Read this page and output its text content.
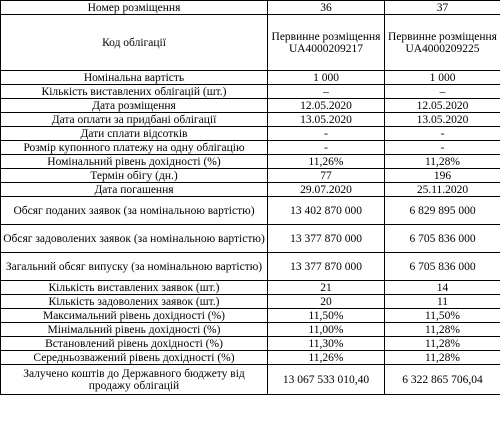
Номер розміщення	36	37
Код облігації	Первинне розміщення UA4000209217	Первинне розміщення UA4000209225
Номінальна вартість	1 000	1 000
Кількість виставлених облігацій (шт.)	–	–
Дата розміщення	12.05.2020	12.05.2020
Дата оплати за придбані облігації	13.05.2020	13.05.2020
Дати сплати відсотків	-	-
Розмір купонного платежу на одну облігацію	-	-
Номінальний рівень дохідності (%)	11,26%	11,28%
Термін обігу (дн.)	77	196
Дата погашення	29.07.2020	25.11.2020
Обсяг поданих заявок (за номінальною вартістю)	13 402 870 000	6 829 895 000
Обсяг задоволених заявок (за номінальною вартістю)	13 377 870 000	6 705 836 000
Загальний обсяг випуску (за номінальною вартістю)	13 377 870 000	6 705 836 000
Кількість виставлених заявок (шт.)	21	14
Кількість задоволених заявок (шт.)	20	11
Максимальний рівень дохідності (%)	11,50%	11,50%
Мінімальний рівень дохідності (%)	11,00%	11,28%
Встановлений рівень дохідності (%)	11,30%	11,28%
Середньозважений рівень дохідності (%)	11,26%	11,28%
Залучено коштів до Державного бюджету від продажу облігацій	13 067 533 010,40	6 322 865 706,04
